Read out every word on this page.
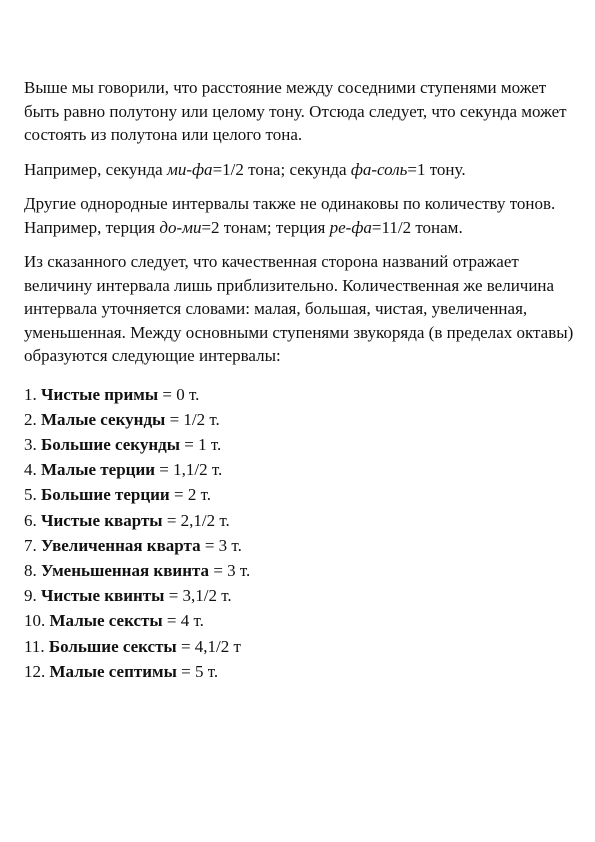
Выше мы говорили, что расстояние между соседними ступенями может быть равно полутону или целому тону. Отсюда следует, что секунда может состоять из полутона или целого тона.

Например, секунда ми-фа=1/2 тона; секунда фа-соль=1 тону.

Другие однородные интервалы также не одинаковы по количеству тонов. Например, терция до-ми=2 тонам; терция ре-фа=11/2 тонам.

Из сказанного следует, что качественная сторона названий отражает величину интервала лишь приблизительно. Количественная же величина интервала уточняется словами: малая, большая, чистая, увеличенная, уменьшенная. Между основными ступенями звукоряда (в пределах октавы) образуются следующие интервалы:

1. Чистые примы = 0 т.
2. Малые секунды = 1/2 т.
3. Большие секунды = 1 т.
4. Малые терции = 1,1/2 т.
5. Большие терции = 2 т.
6. Чистые кварты = 2,1/2 т.
7. Увеличенная кварта = 3 т.
8. Уменьшенная квинта = 3 т.
9. Чистые квинты = 3,1/2 т.
10. Малые сексты = 4 т.
11. Большие сексты = 4,1/2 т
12. Малые септимы = 5 т.
